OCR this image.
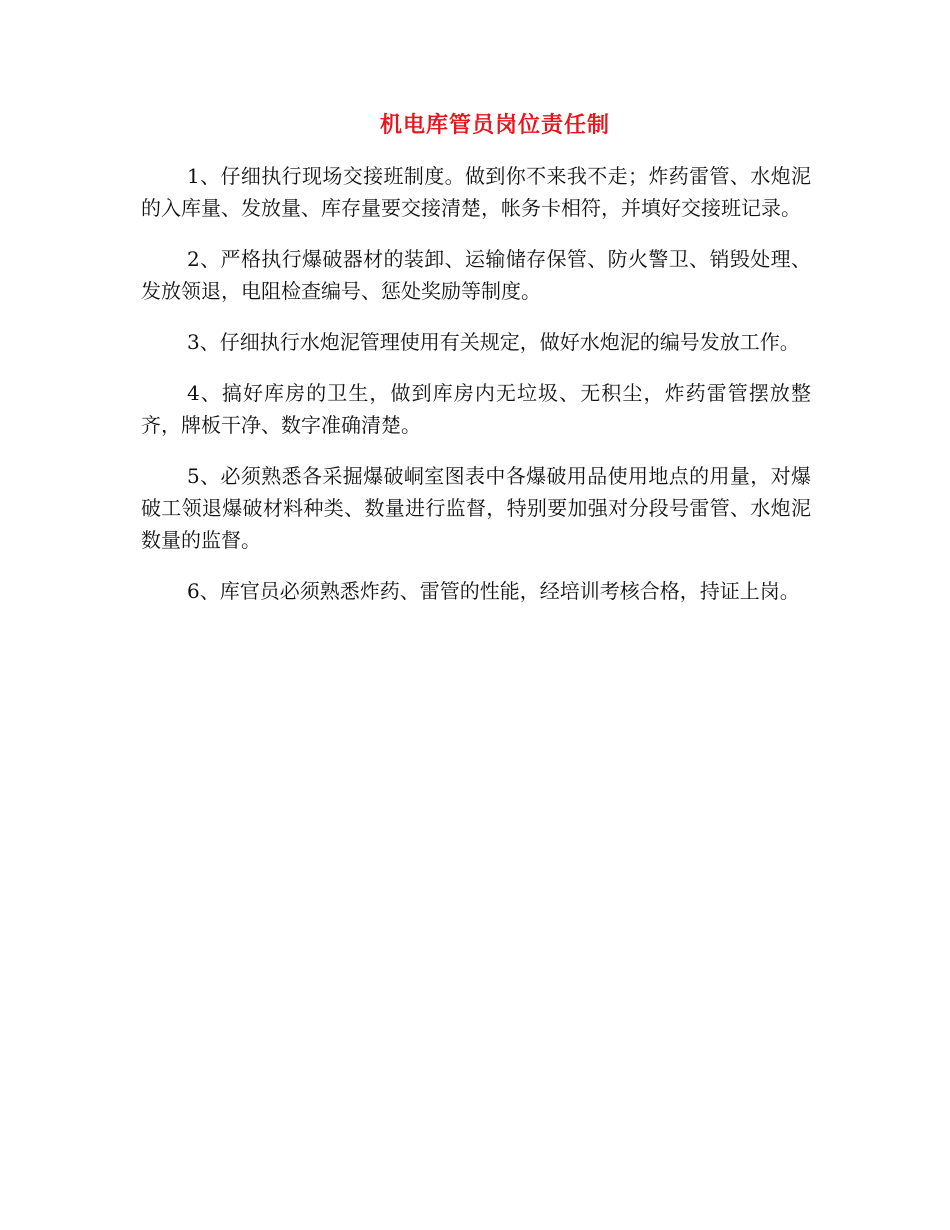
机电库管员岗位责任制

1、仔细执行现场交接班制度。做到你不来我不走；炸药雷管、水炮泥的入库量、发放量、库存量要交接清楚，帐务卡相符，并填好交接班记录。

2、严格执行爆破器材的装卸、运输储存保管、防火警卫、销毁处理、发放领退，电阻检查编号、惩处奖励等制度。

3、仔细执行水炮泥管理使用有关规定，做好水炮泥的编号发放工作。

4、搞好库房的卫生，做到库房内无垃圾、无积尘，炸药雷管摆放整齐，牌板干净、数字准确清楚。

5、必须熟悉各采掘爆破峒室图表中各爆破用品使用地点的用量，对爆破工领退爆破材料种类、数量进行监督，特别要加强对分段号雷管、水炮泥数量的监督。

6、库官员必须熟悉炸药、雷管的性能，经培训考核合格，持证上岗。
